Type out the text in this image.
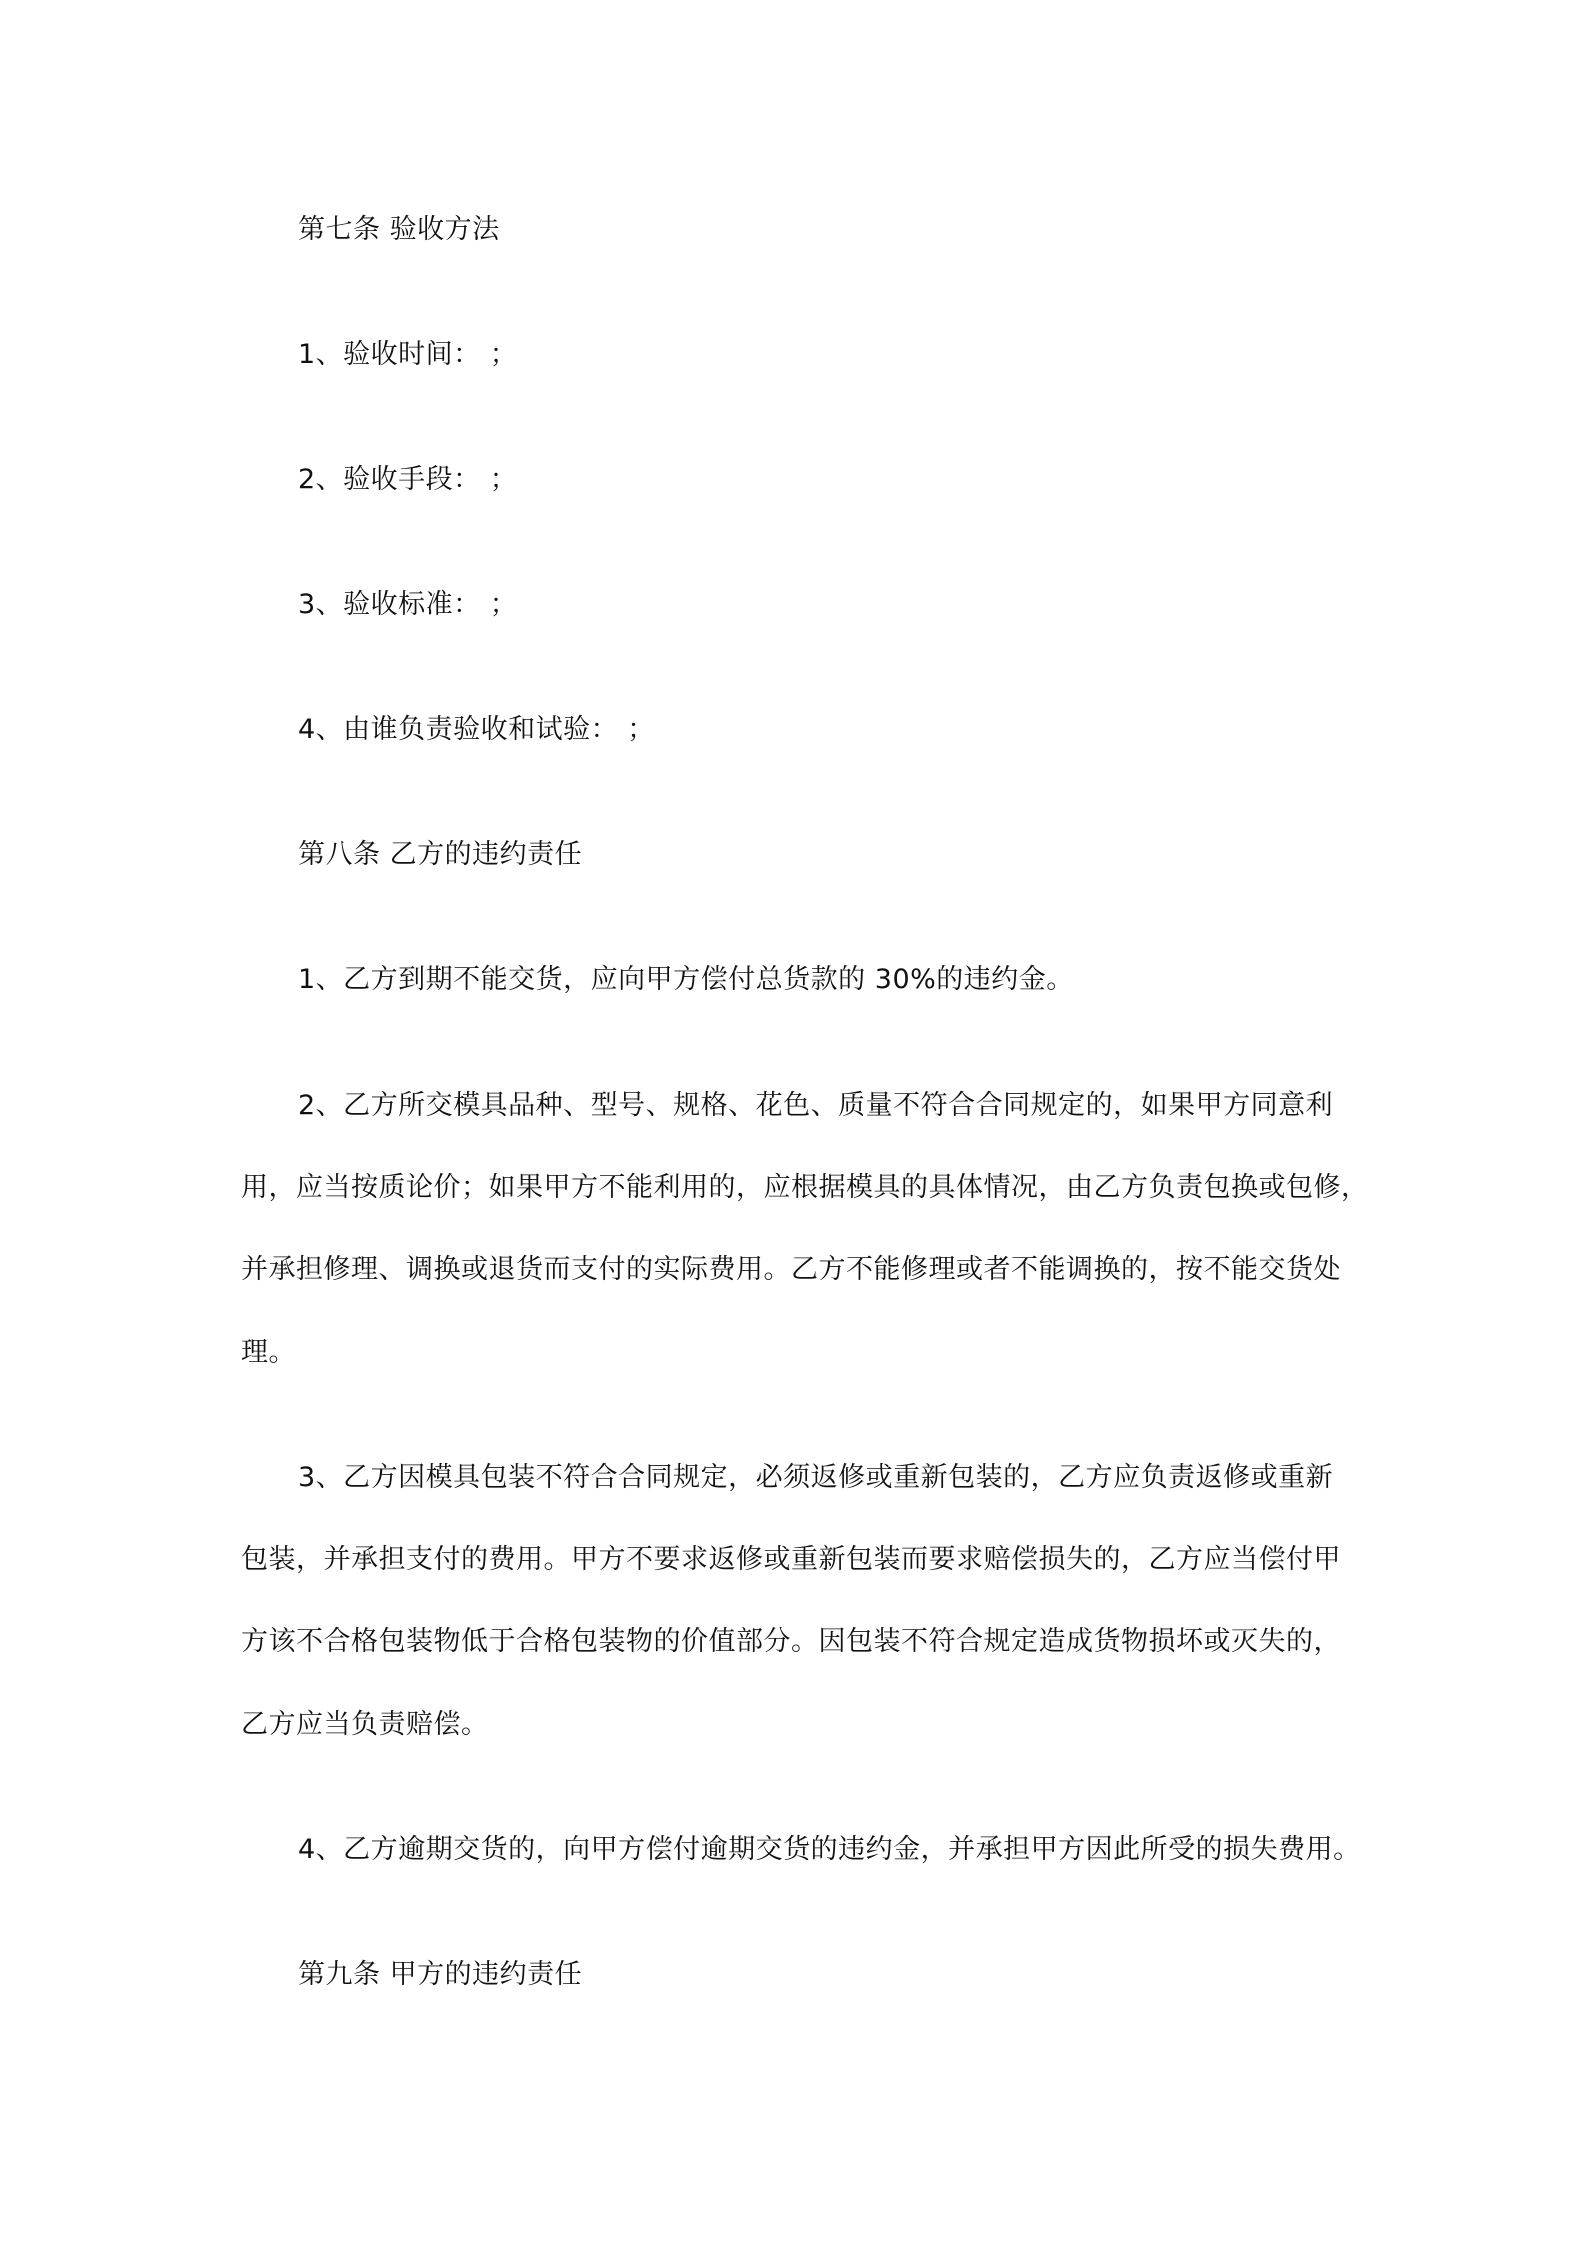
第七条 验收方法
1、验收时间： ；
2、验收手段： ；
3、验收标准： ；
4、由谁负责验收和试验： ；
第八条 乙方的违约责任
1、乙方到期不能交货，应向甲方偿付总货款的 30%的违约金。
2、乙方所交模具品种、型号、规格、花色、质量不符合合同规定的，如果甲方同意利
用，应当按质论价；如果甲方不能利用的，应根据模具的具体情况，由乙方负责包换或包修，
并承担修理、调换或退货而支付的实际费用。乙方不能修理或者不能调换的，按不能交货处
理。
3、乙方因模具包装不符合合同规定，必须返修或重新包装的，乙方应负责返修或重新
包装，并承担支付的费用。甲方不要求返修或重新包装而要求赔偿损失的，乙方应当偿付甲
方该不合格包装物低于合格包装物的价值部分。因包装不符合规定造成货物损坏或灭失的，
乙方应当负责赔偿。
4、乙方逾期交货的，向甲方偿付逾期交货的违约金，并承担甲方因此所受的损失费用。
第九条 甲方的违约责任
